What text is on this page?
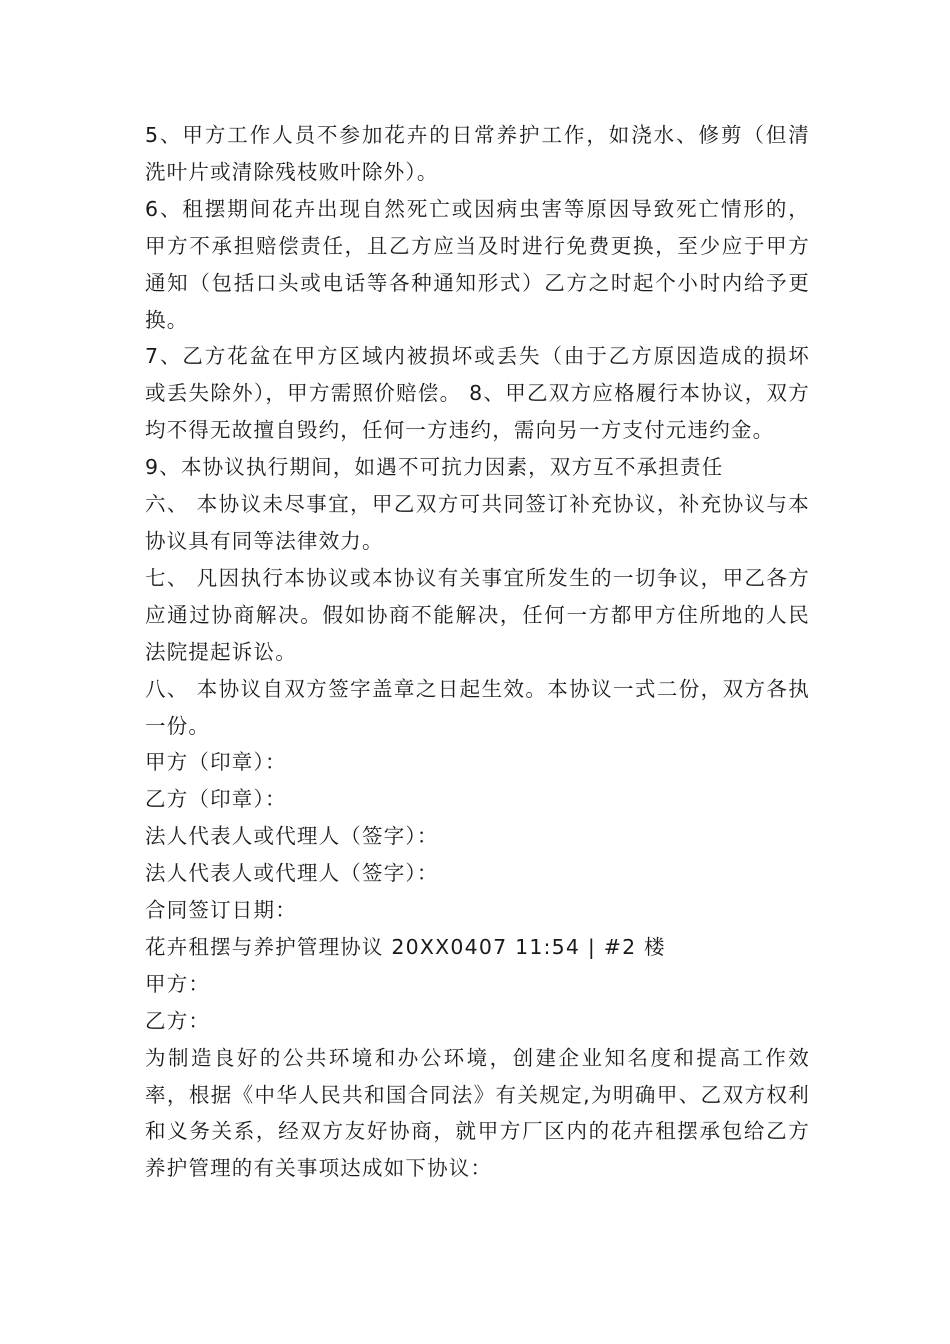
5、甲方工作人员不参加花卉的日常养护工作，如浇水、修剪（但清洗叶片或清除残枝败叶除外）。

6、租摆期间花卉出现自然死亡或因病虫害等原因导致死亡情形的，甲方不承担赔偿责任，且乙方应当及时进行免费更换，至少应于甲方通知（包括口头或电话等各种通知形式）乙方之时起个小时内给予更换。

7、乙方花盆在甲方区域内被损坏或丢失（由于乙方原因造成的损坏或丢失除外），甲方需照价赔偿。 8、甲乙双方应格履行本协议，双方均不得无故擅自毁约，任何一方违约，需向另一方支付元违约金。

9、本协议执行期间，如遇不可抗力因素，双方互不承担责任

六、 本协议未尽事宜，甲乙双方可共同签订补充协议，补充协议与本协议具有同等法律效力。

七、 凡因执行本协议或本协议有关事宜所发生的一切争议，甲乙各方应通过协商解决。假如协商不能解决，任何一方都甲方住所地的人民法院提起诉讼。

八、 本协议自双方签字盖章之日起生效。本协议一式二份，双方各执一份。

甲方（印章）：

乙方（印章）：

法人代表人或代理人（签字）：

法人代表人或代理人（签字）：

合同签订日期：

花卉租摆与养护管理协议 20XX0407 11:54 | #2 楼

甲方：

乙方：

为制造良好的公共环境和办公环境，创建企业知名度和提高工作效率，根据《中华人民共和国合同法》有关规定,为明确甲、乙双方权利和义务关系，经双方友好协商，就甲方厂区内的花卉租摆承包给乙方养护管理的有关事项达成如下协议：
